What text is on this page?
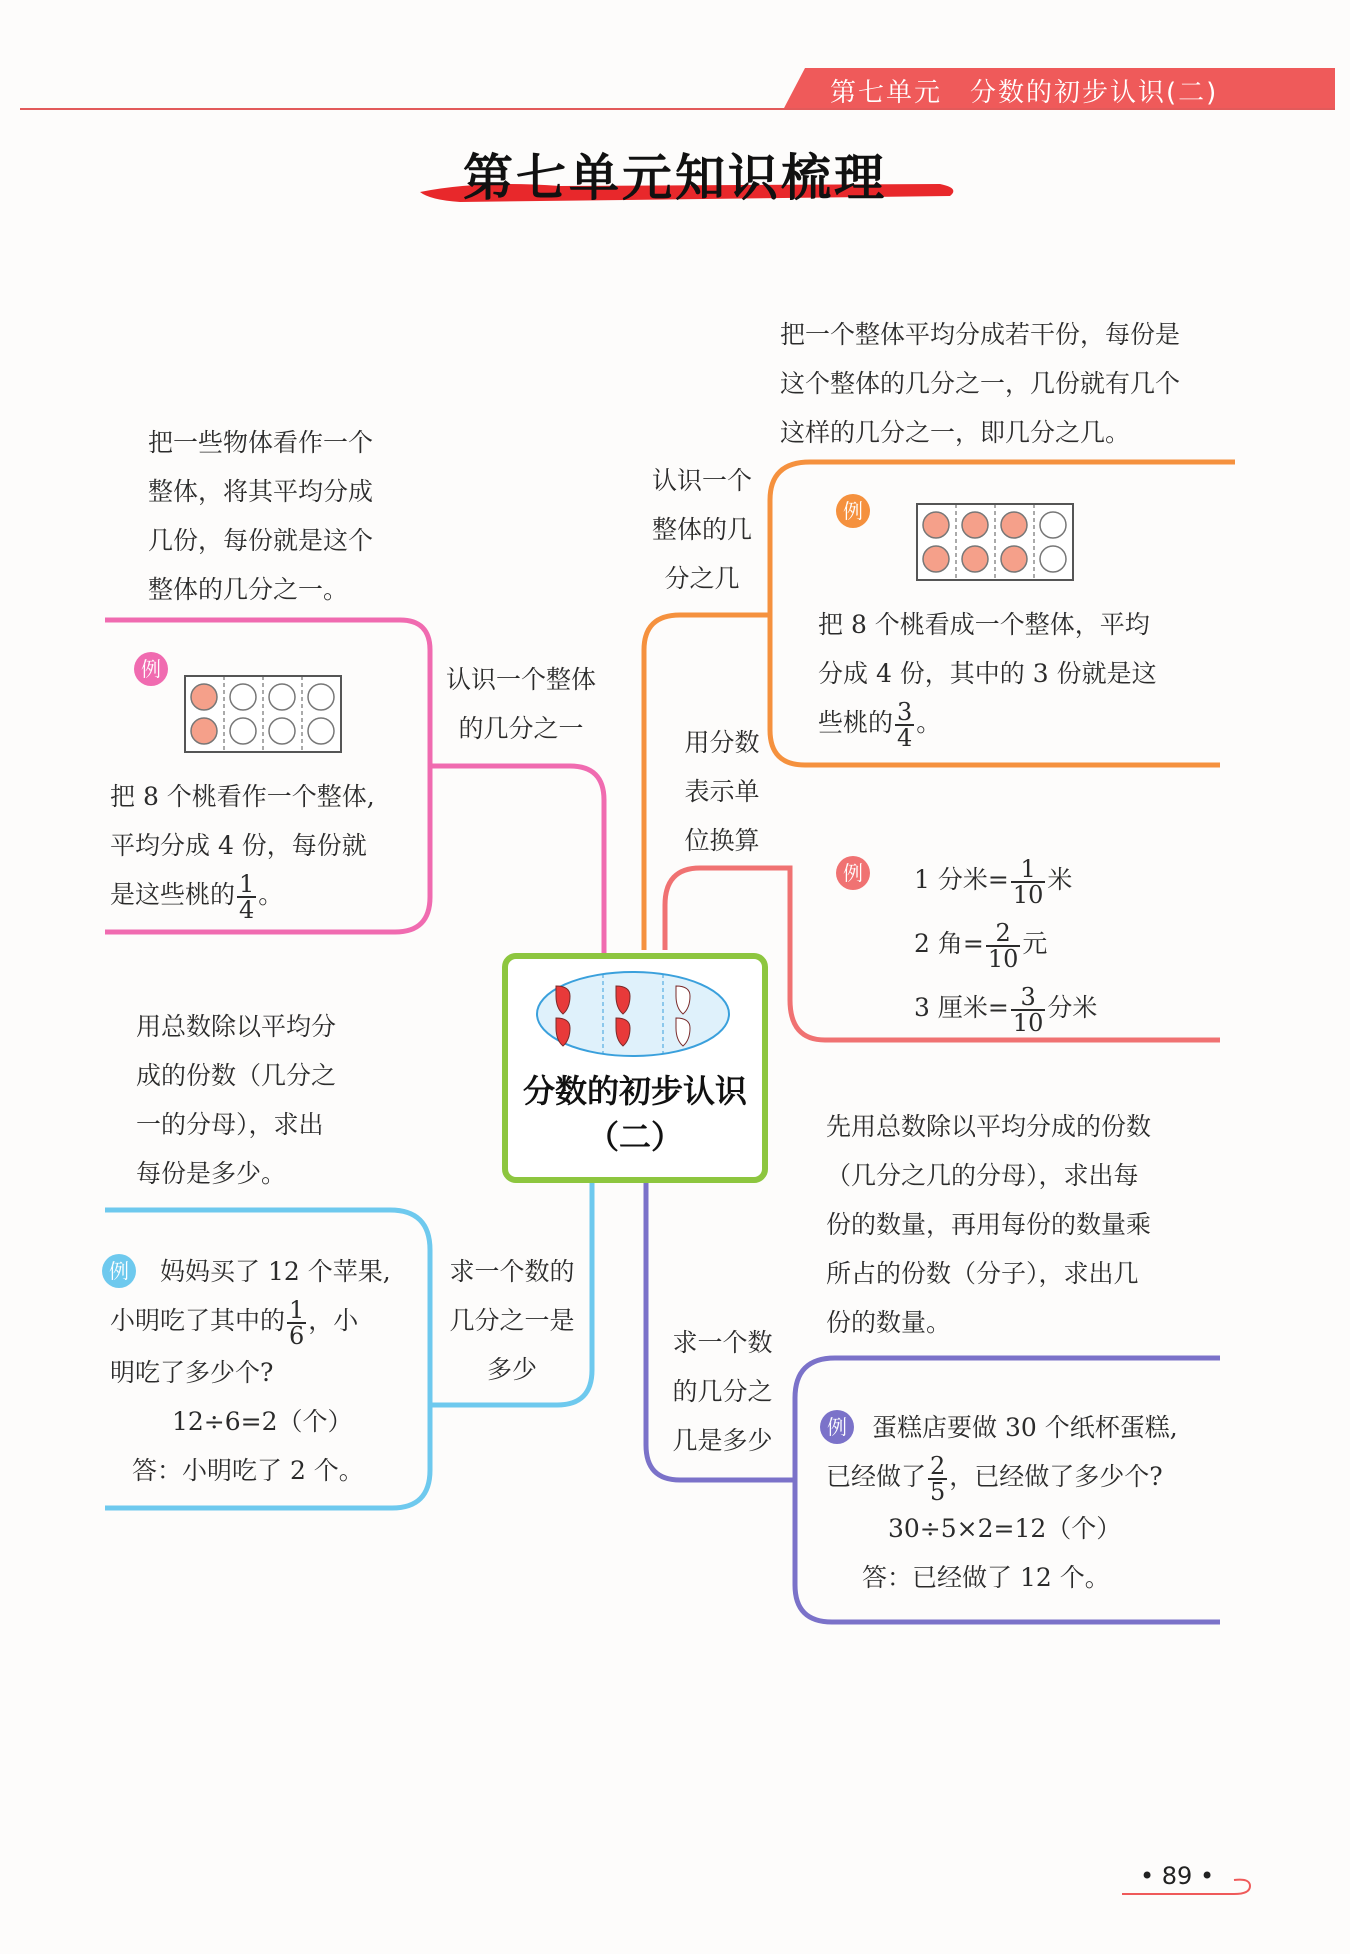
第七单元　分数的初步认识(二)
第七单元知识梳理
把一些物体看作一个
整体，将其平均分成
几份，每份就是这个
整体的几分之一。
例
把 8 个桃看作一个整体,
平均分成 4 份，每份就
是这些桃的 $\frac{1}{4}$ 。
认识一个整体
的几分之一
把一个整体平均分成若干份，每份是
这个整体的几分之一，几份就有几个
这样的几分之一，即几分之几。
认识一个
整体的几
分之几
例
把 8 个桃看成一个整体，平均
分成 4 份，其中的 3 份就是这
些桃的 $\frac{3}{4}$ 。
用分数
表示单
位换算
例 1 分米= $\frac{1}{10}$ 米
2 角= $\frac{2}{10}$ 元
3 厘米= $\frac{3}{10}$ 分米
分数的初步认识
（二）
用总数除以平均分
成的份数（几分之
一的分母），求出
每份是多少。
求一个数的
几分之一是
多少
例	妈妈买了 12 个苹果,
小明吃了其中的 $\frac{1}{6}$ ，小
明吃了多少个?
12÷6=2（个）
答：小明吃了 2 个。
先用总数除以平均分成的份数
（几分之几的分母），求出每
份的数量，再用每份的数量乘
所占的份数（分子），求出几
份的数量。
求一个数
的几分之
几是多少	例	蛋糕店要做 30 个纸杯蛋糕,
已经做了 $\frac{2}{5}$ ，已经做了多少个?
30÷5×2=12（个）
答：已经做了 12 个。
• 89 •
